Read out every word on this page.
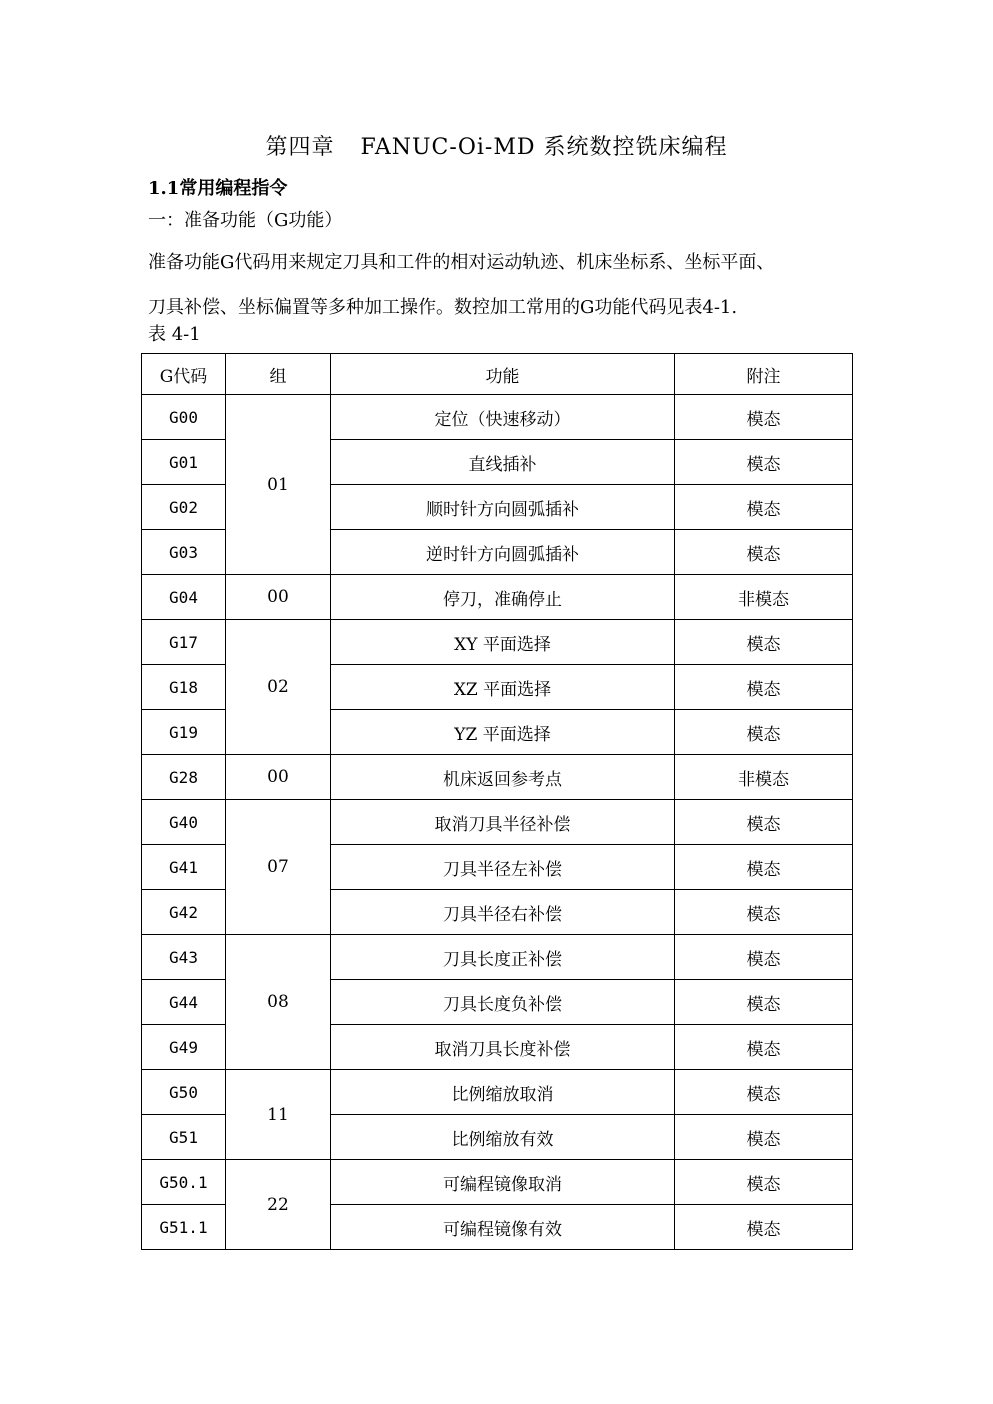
第四章 FANUC-Oi-MD 系统数控铣床编程
1.1常用编程指令
一：准备功能（G功能）

准备功能G代码用来规定刀具和工件的相对运动轨迹、机床坐标系、坐标平面、

刀具补偿、坐标偏置等多种加工操作。数控加工常用的G功能代码见表4-1.

表 4-1
G代码	组	功能	附注
G00	01	定位（快速移动）	模态
G01		直线插补	模态
G02		顺时针方向圆弧插补	模态
G03		逆时针方向圆弧插补	模态
G04	00	停刀，准确停止	非模态
G17	02	XY 平面选择	模态
G18		XZ 平面选择	模态
G19		YZ 平面选择	模态
G28	00	机床返回参考点	非模态
G40	07	取消刀具半径补偿	模态
G41		刀具半径左补偿	模态
G42		刀具半径右补偿	模态
G43	08	刀具长度正补偿	模态
G44		刀具长度负补偿	模态
G49		取消刀具长度补偿	模态
G50	11	比例缩放取消	模态
G51		比例缩放有效	模态
G50.1	22	可编程镜像取消	模态
G51.1		可编程镜像有效	模态
